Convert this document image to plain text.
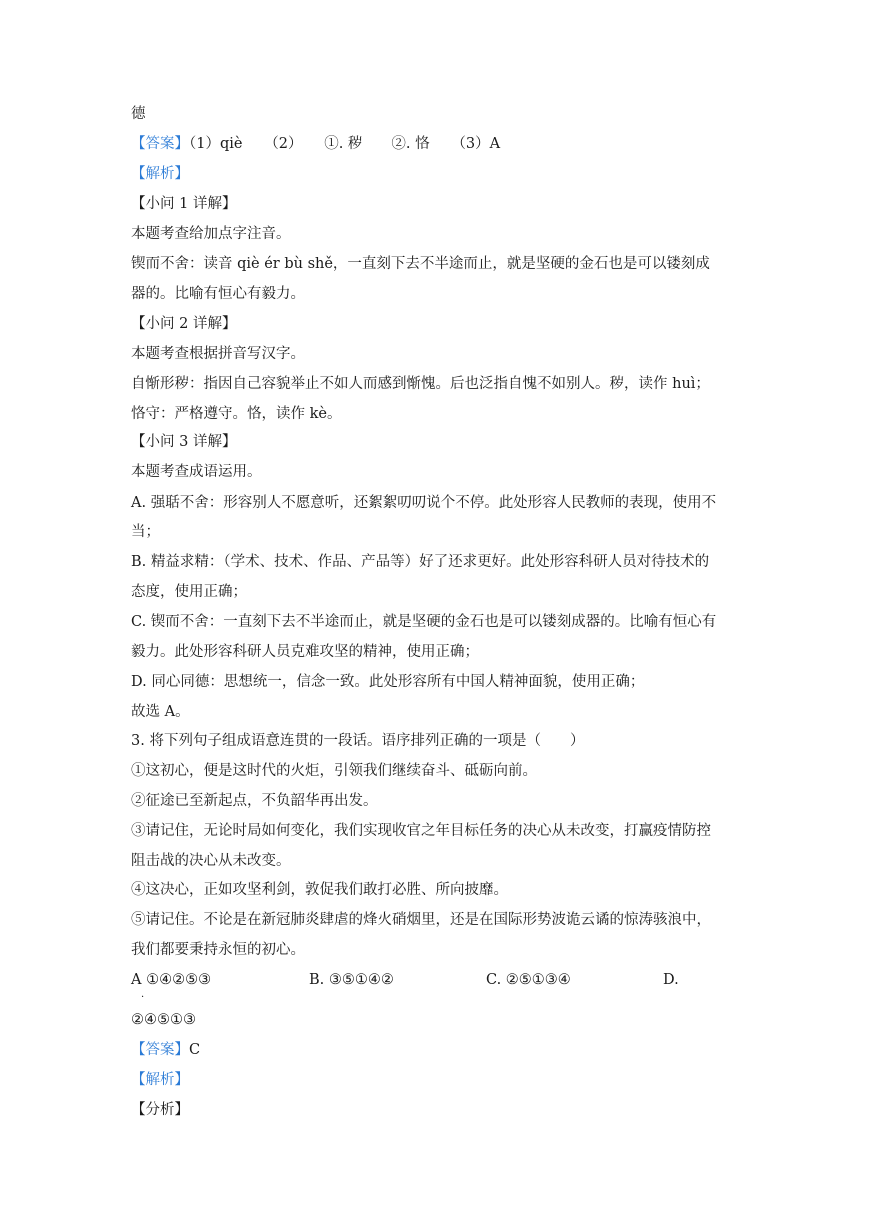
德
【答案】（1）qiè　　（2）　　①. 秽　　②. 恪　　（3）A
【解析】
【小问 1 详解】
本题考查给加点字注音。
锲而不舍：读音 qiè ér bù shě，一直刻下去不半途而止，就是坚硬的金石也是可以镂刻成
器的。比喻有恒心有毅力。
【小问 2 详解】
本题考查根据拼音写汉字。
自惭形秽：指因自己容貌举止不如人而感到惭愧。后也泛指自愧不如别人。秽，读作 huì；
恪守：严格遵守。恪，读作 kè。
【小问 3 详解】
本题考查成语运用。
A. 强聒不舍：形容别人不愿意听，还絮絮叨叨说个不停。此处形容人民教师的表现，使用不
当；
B. 精益求精：（学术、技术、作品、产品等）好了还求更好。此处形容科研人员对待技术的
态度，使用正确；
C. 锲而不舍：一直刻下去不半途而止，就是坚硬的金石也是可以镂刻成器的。比喻有恒心有
毅力。此处形容科研人员克难攻坚的精神，使用正确；
D. 同心同德：思想统一，信念一致。此处形容所有中国人精神面貌，使用正确；
故选 A。
3. 将下列句子组成语意连贯的一段话。语序排列正确的一项是（　　）
①这初心，便是这时代的火炬，引领我们继续奋斗、砥砺向前。
②征途已至新起点，不负韶华再出发。
③请记住，无论时局如何变化，我们实现收官之年目标任务的决心从未改变，打赢疫情防控
阻击战的决心从未改变。
④这决心，正如攻坚利剑，敦促我们敢打必胜、所向披靡。
⑤请记住。不论是在新冠肺炎肆虐的烽火硝烟里，还是在国际形势波诡云谲的惊涛骇浪中，
我们都要秉持永恒的初心。
A ①④②⑤③
·
B. ③⑤①④②	C. ②⑤①③④	D.
②④⑤①③
【答案】C
【解析】
【分析】
